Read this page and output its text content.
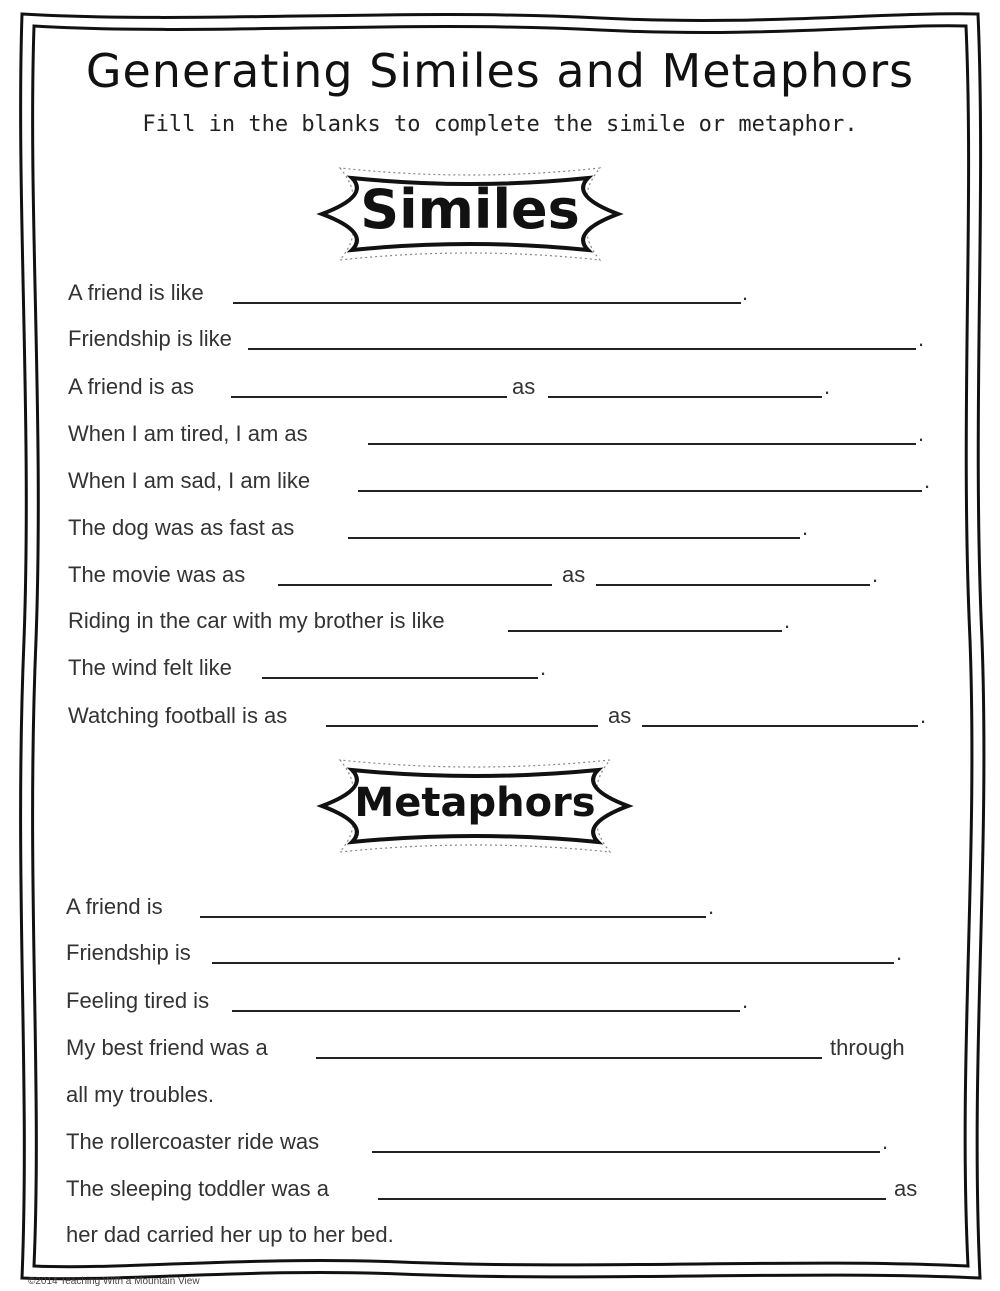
Generating Similes and Metaphors
Fill in the blanks to complete the simile or metaphor.
Similes
A friend is like	.
Friendship is like	.
A friend is as	as	.
When I am tired, I am as	.
When I am sad, I am like	.
The dog was as fast as	.
The movie was as	as	.
Riding in the car with my brother is like	.
The wind felt like	.
Watching football is as	as	.
Metaphors
A friend is	.
Friendship is	.
Feeling tired is	.
My best friend was a	through
all my troubles.
The rollercoaster ride was	.
The sleeping toddler was a	as
her dad carried her up to her bed.
©2014 Teaching With a Mountain View
